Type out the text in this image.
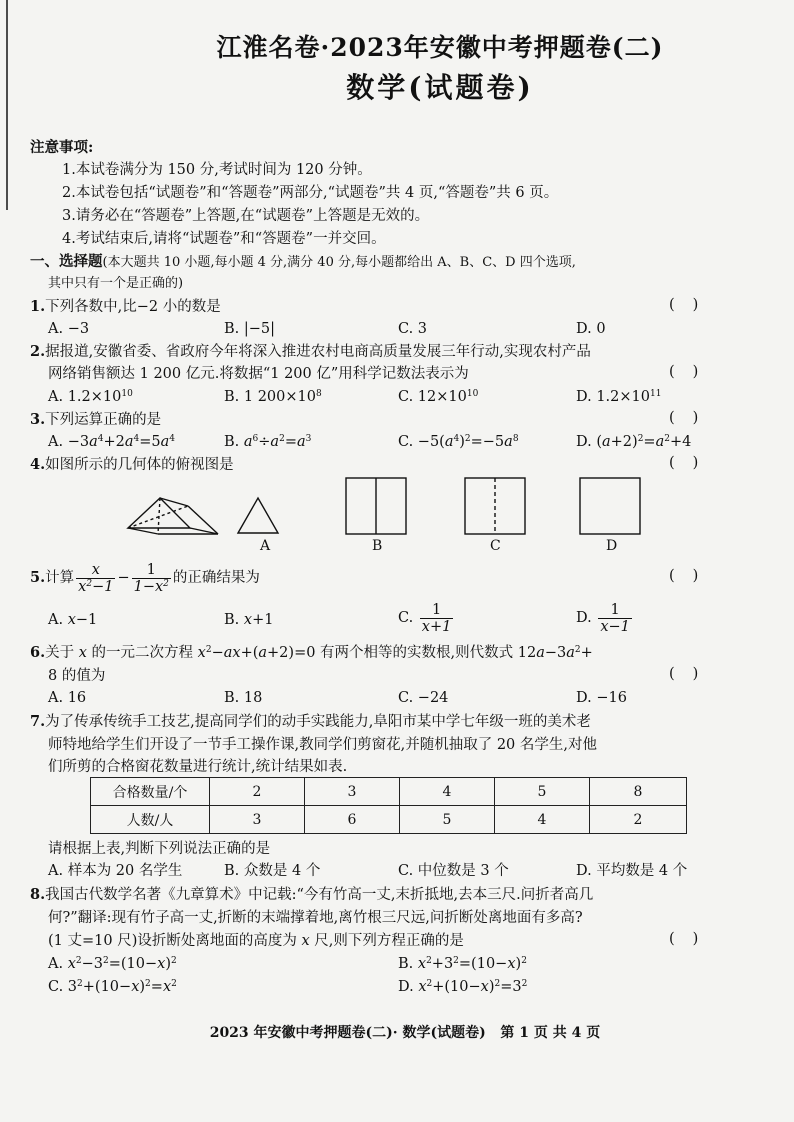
江淮名卷·2023年安徽中考押题卷(二)
数学(试题卷)
注意事项:
1.本试卷满分为 150 分,考试时间为 120 分钟。
2.本试卷包括“试题卷”和“答题卷”两部分,“试题卷”共 4 页,“答题卷”共 6 页。
3.请务必在“答题卷”上答题,在“试题卷”上答题是无效的。
4.考试结束后,请将“试题卷”和“答题卷”一并交回。
一、选择题(本大题共 10 小题,每小题 4 分,满分 40 分,每小题都给出 A、B、C、D 四个选项,
其中只有一个是正确的)
1.下列各数中,比−2 小的数是	()
A. −3	B. |−5|	C. 3	D. 0
2.据报道,安徽省委、省政府今年将深入推进农村电商高质量发展三年行动,实现农村产品
网络销售额达 1 200 亿元.将数据“1 200 亿”用科学记数法表示为	()
A. $1.2\times 10^{10}$	B. 1 $200\times 10^8$	C. $12\times 10^{10}$	D. $1.2\times 10^{11}$
3.下列运算正确的是	()
A. $-3a^4+2a^4=5a^4$	B. $a^6\div a^2=a^3$	C. $-5(a^4)^2=-5a^8$	D. $(a+2)^2=a^2+4$
4.如图所示的几何体的俯视图是	()
A	B	C	D
5.计算 $\frac{x}{x^2-1} - \frac{1}{1-x^2}$ 的正确结果为	()
A. x−1	B. x+1	C. $\frac{1}{x+1}$	D. $\frac{1}{x-1}$
6.关于 x 的一元二次方程 $x^2-ax+(a+2)=0$ 有两个相等的实数根,则代数式 $12a-3a^2+$
8 的值为	()
A. 16	B. 18	C. −24	D. −16
7.为了传承传统手工技艺,提高同学们的动手实践能力,阜阳市某中学七年级一班的美术老
师特地给学生们开设了一节手工操作课,教同学们剪窗花,并随机抽取了 20 名学生,对他
们所剪的合格窗花数量进行统计,统计结果如表.
合格数量/个	2	3	4	5	8
人数/人	3	6	5	4	2
请根据上表,判断下列说法正确的是
A. 样本为 20 名学生	B. 众数是 4 个	C. 中位数是 3 个	D. 平均数是 4 个
8.我国古代数学名著《九章算术》中记载:“今有竹高一丈,末折抵地,去本三尺.问折者高几
何?”翻译:现有竹子高一丈,折断的末端撑着地,离竹根三尺远,问折断处离地面有多高?
(1 丈=10 尺)设折断处离地面的高度为 x 尺,则下列方程正确的是	()
A. $x^2-3^2=(10-x)^2$	B. $x^2+3^2=(10-x)^2$
C. $3^2+(10-x)^2=x^2$	D. $x^2+(10-x)^2=3^2$
2023 年安徽中考押题卷(二)· 数学(试题卷) 第 1 页 共 4 页
